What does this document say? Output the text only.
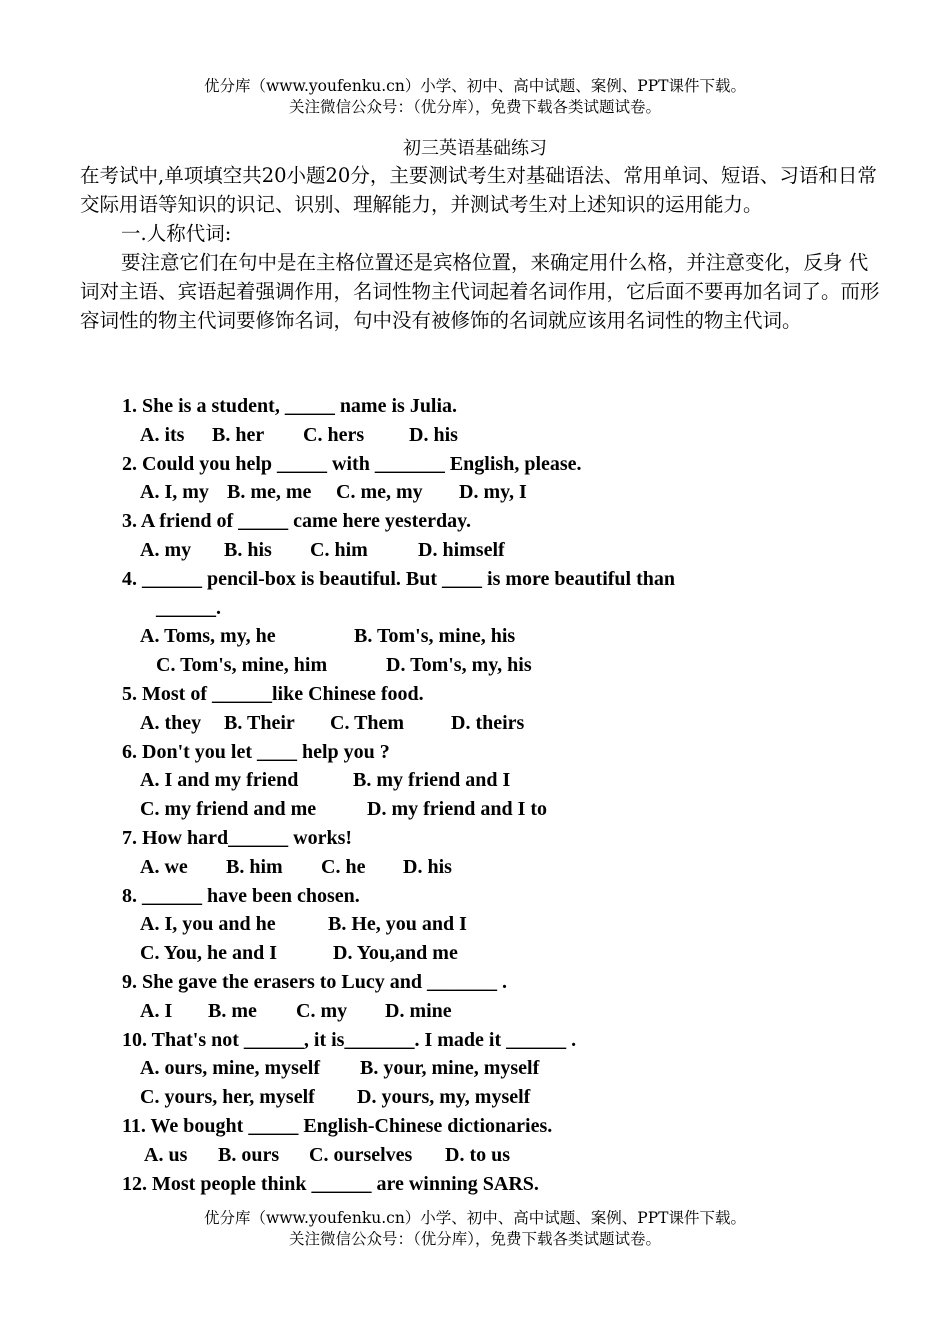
优分库（www.youfenku.cn）小学、初中、高中试题、案例、PPT课件下载。
关注微信公众号：（优分库），免费下载各类试题试卷。
初三英语基础练习

在考试中,单项填空共20小题20分，主要测试考生对基础语法、常用单词、短语、习语和日常交际用语等知识的识记、识别、理解能力，并测试考生对上述知识的运用能力。

一.人称代词:

要注意它们在句中是在主格位置还是宾格位置，来确定用什么格，并注意变化，反身 代词对主语、宾语起着强调作用，名词性物主代词起着名词作用，它后面不要再加名词了。而形容词性的物主代词要修饰名词，句中没有被修饰的名词就应该用名词性的物主代词。

1. She is a student, _____ name is Julia.
A. its B. her C. hers D. his
2. Could you help _____ with _______ English, please.
A. I, my B. me, me C. me, my D. my, I
3. A friend of _____ came here yesterday.
A. my B. his C. him	D. himself
4. ______ pencil-box is beautiful. But ____ is more beautiful than
______.
A. Toms, my, he	B. Tom's, mine, his
C. Tom's, mine, him	D. Tom's, my, his
5. Most of ______like Chinese food.
A. they B. Their C. Them D. theirs
6. Don't you let ____ help you ?
A. I and my friend	B. my friend and I
C. my friend and me	D. my friend and I to
7. How hard______ works!
A. we B. him C. he D. his
8. ______ have been chosen.
A. I, you and he	B. He, you and I
C. You, he and I	D. You,and me
9. She gave the erasers to Lucy and _______ .
A. I B. me C. my D. mine
10. That's not ______, it is_______. I made it ______ .
A. ours, mine, myself B. your, mine, myself
C. yours, her, myself D. yours, my, myself
11. We bought _____ English-Chinese dictionaries.
A. us B. ours C. ourselves D. to us
12. Most people think ______ are winning SARS.
优分库（www.youfenku.cn）小学、初中、高中试题、案例、PPT课件下载。
关注微信公众号：（优分库），免费下载各类试题试卷。
